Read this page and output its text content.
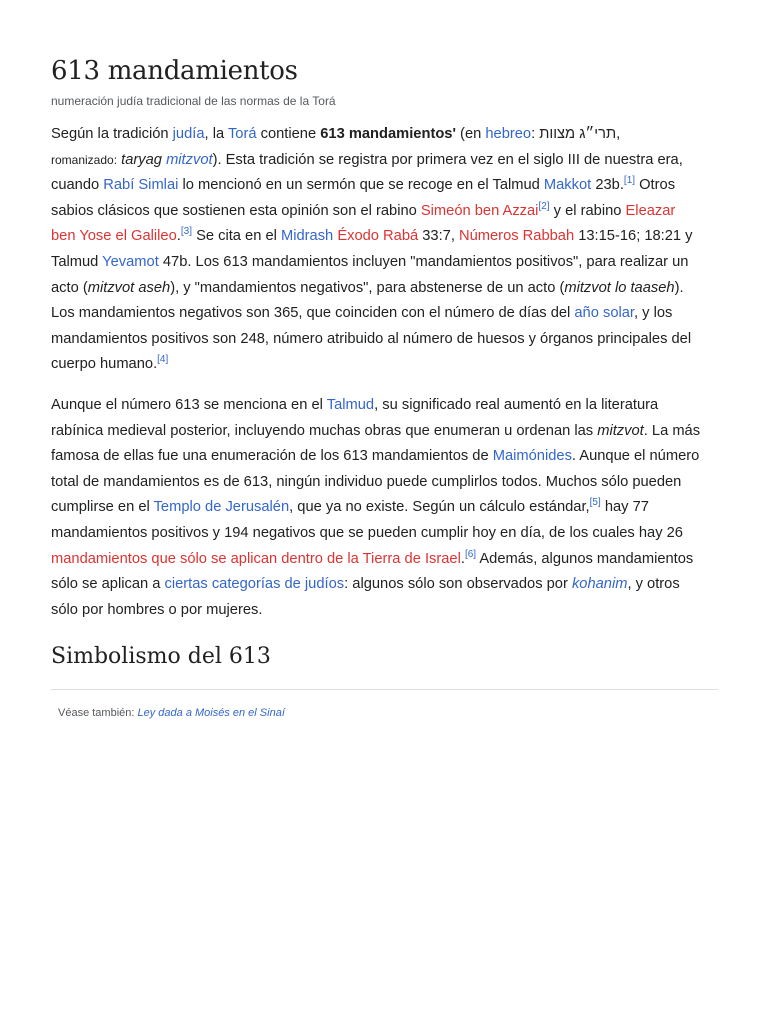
613 mandamientos
numeración judía tradicional de las normas de la Torá

Según la tradición judía, la Torá contiene 613 mandamientos' (en hebreo: תרי״ג מצוות,
romanizado: taryag mitzvot). Esta tradición se registra por primera vez en el siglo III de nuestra era, cuando Rabí Simlai lo mencionó en un sermón que se recoge en el Talmud Makkot 23b.[1] Otros sabios clásicos que sostienen esta opinión son el rabino Simeón ben Azzai[2] y el rabino Eleazar ben Yose el Galileo.[3] Se cita en el Midrash Éxodo Rabá 33:7, Números Rabbah 13:15-16; 18:21 y Talmud Yevamot 47b. Los 613 mandamientos incluyen "mandamientos positivos", para realizar un acto (mitzvot aseh), y "mandamientos negativos", para abstenerse de un acto (mitzvot lo taaseh). Los mandamientos negativos son 365, que coinciden con el número de días del año solar, y los mandamientos positivos son 248, número atribuido al número de huesos y órganos principales del cuerpo humano.[4]

Aunque el número 613 se menciona en el Talmud, su significado real aumentó en la literatura rabínica medieval posterior, incluyendo muchas obras que enumeran u ordenan las mitzvot. La más famosa de ellas fue una enumeración de los 613 mandamientos de Maimónides. Aunque el número total de mandamientos es de 613, ningún individuo puede cumplirlos todos. Muchos sólo pueden cumplirse en el Templo de Jerusalén, que ya no existe. Según un cálculo estándar,[5] hay 77 mandamientos positivos y 194 negativos que se pueden cumplir hoy en día, de los cuales hay 26 mandamientos que sólo se aplican dentro de la Tierra de Israel.[6] Además, algunos mandamientos sólo se aplican a ciertas categorías de judíos: algunos sólo son observados por kohanim, y otros sólo por hombres o por mujeres.

Simbolismo del 613
Véase también: Ley dada a Moisés en el Sinaí
